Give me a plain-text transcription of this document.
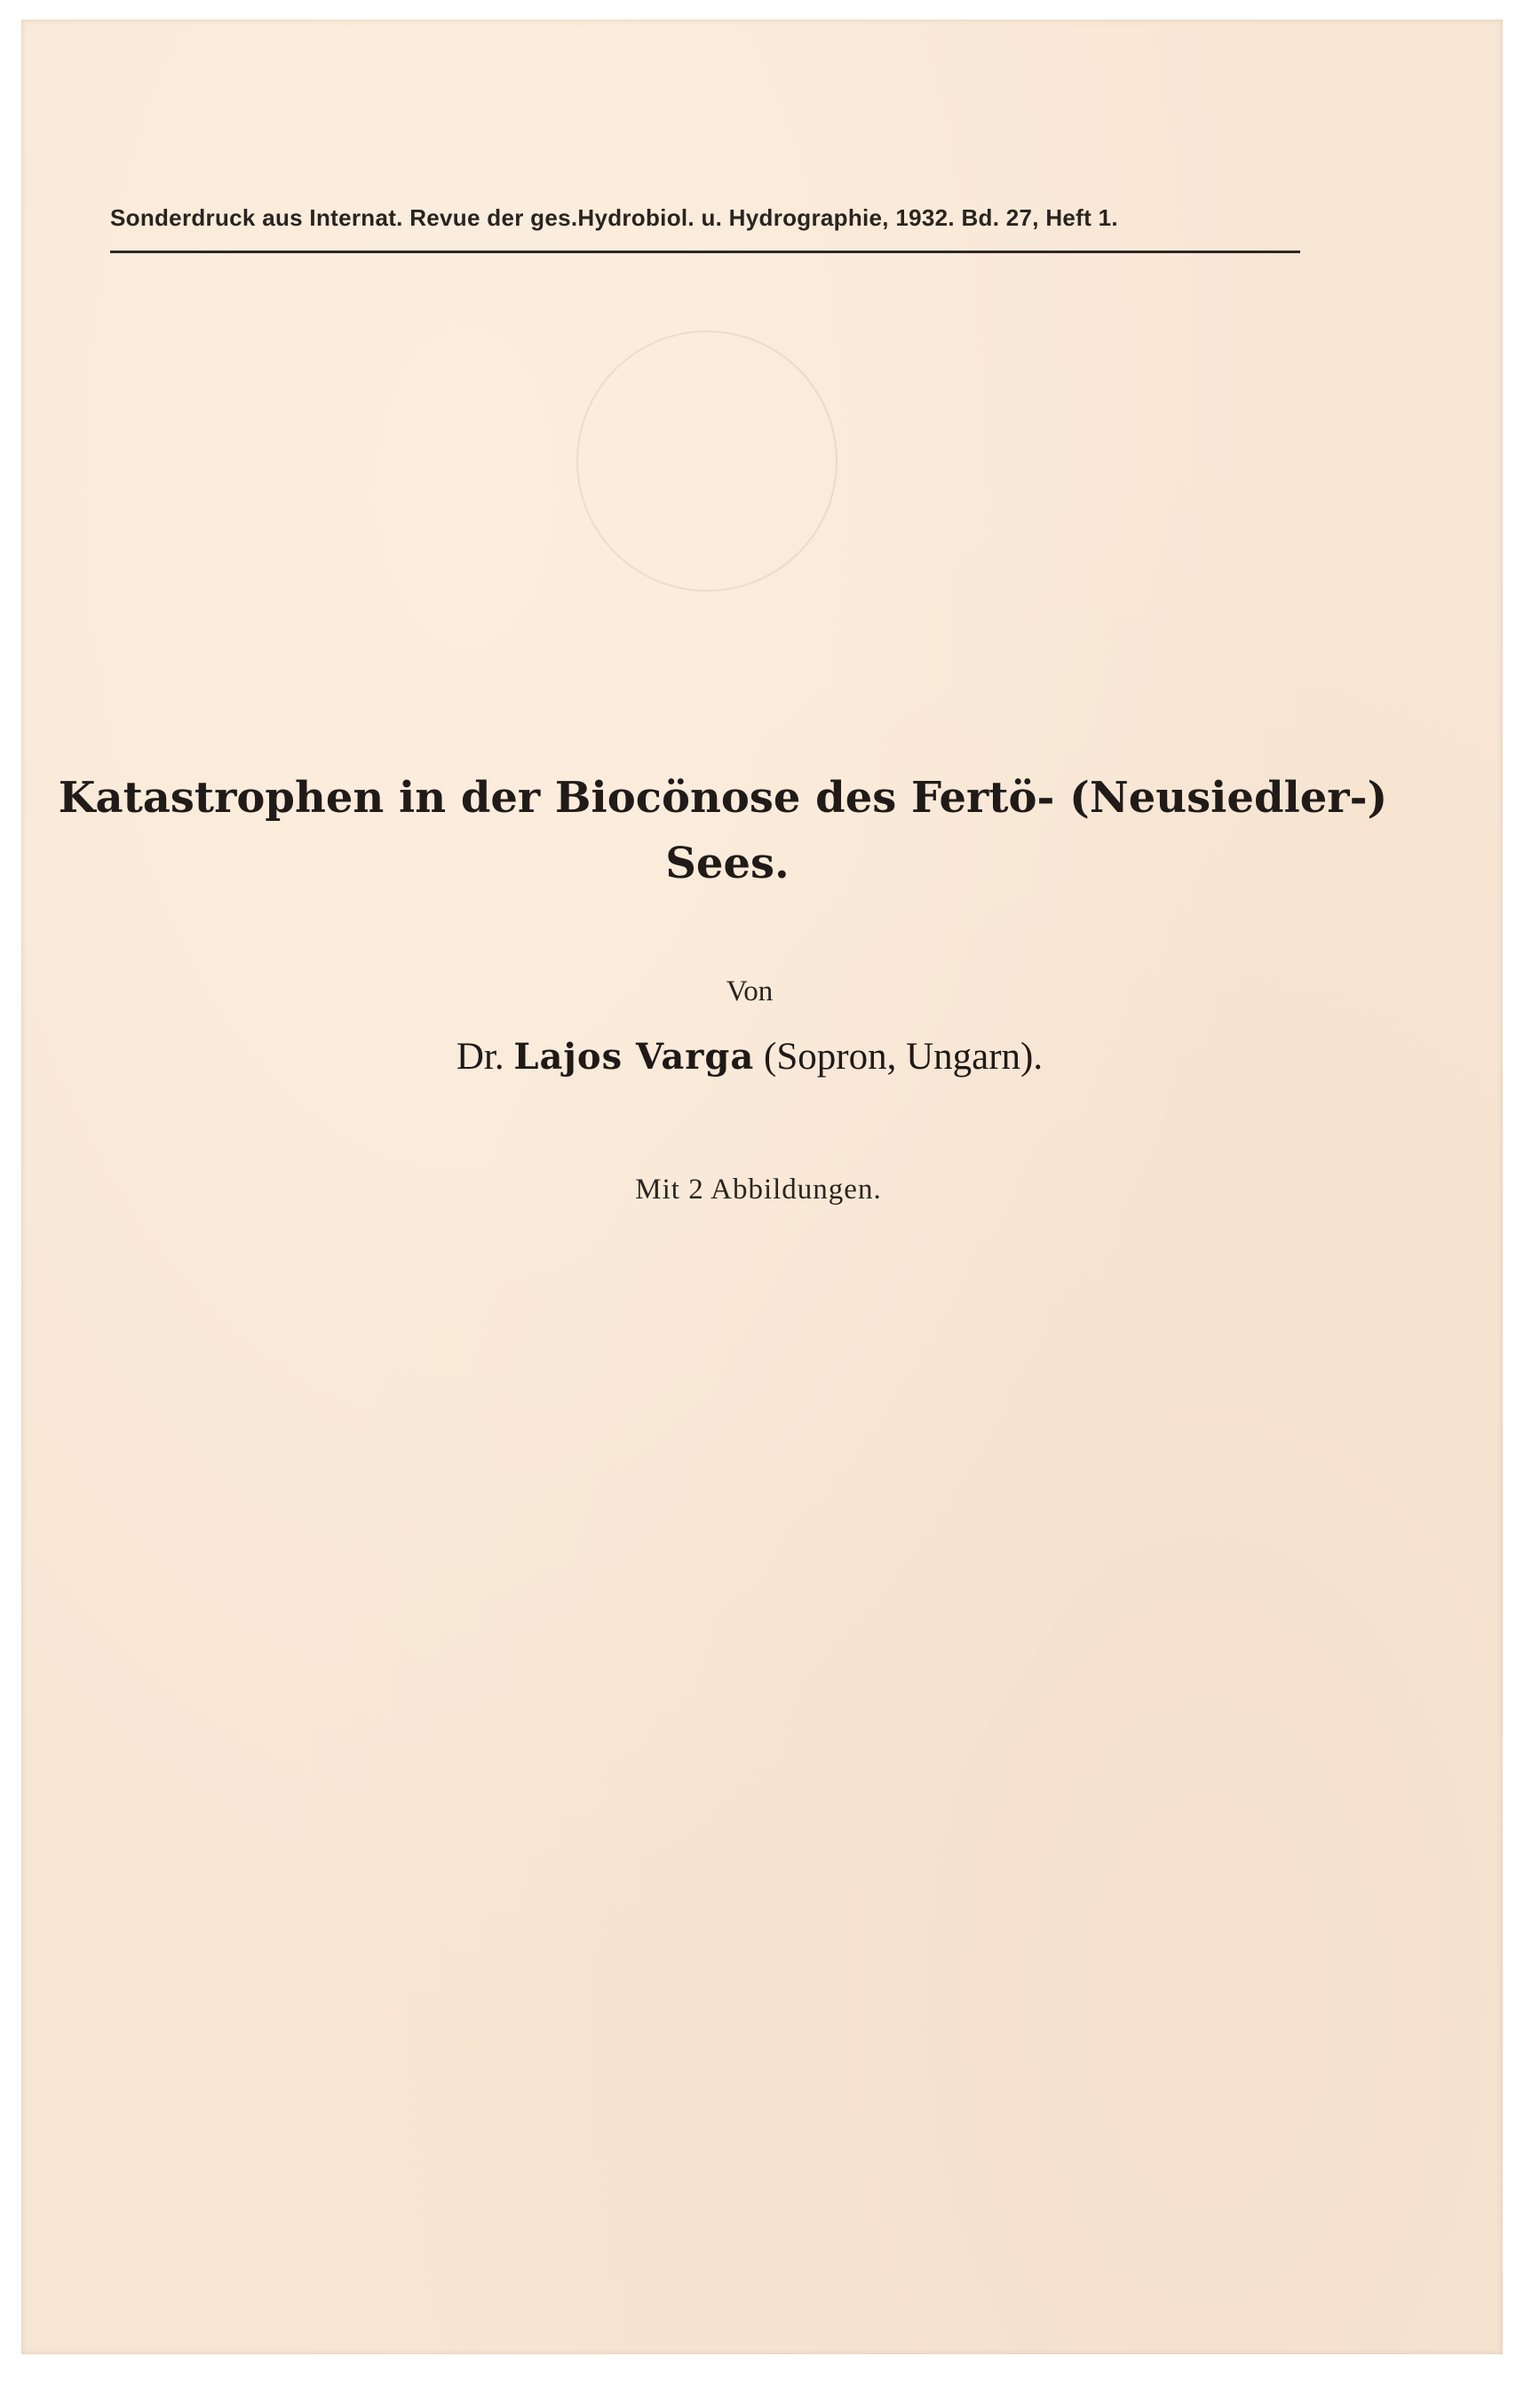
Sonderdruck aus Internat. Revue der ges.Hydrobiol. u. Hydrographie, 1932. Bd. 27, Heft 1.
Katastrophen in der Biocönose des Fertö- (Neusiedler-)
Sees.
Von
Dr. Lajos Varga (Sopron, Ungarn).
Mit 2 Abbildungen.
